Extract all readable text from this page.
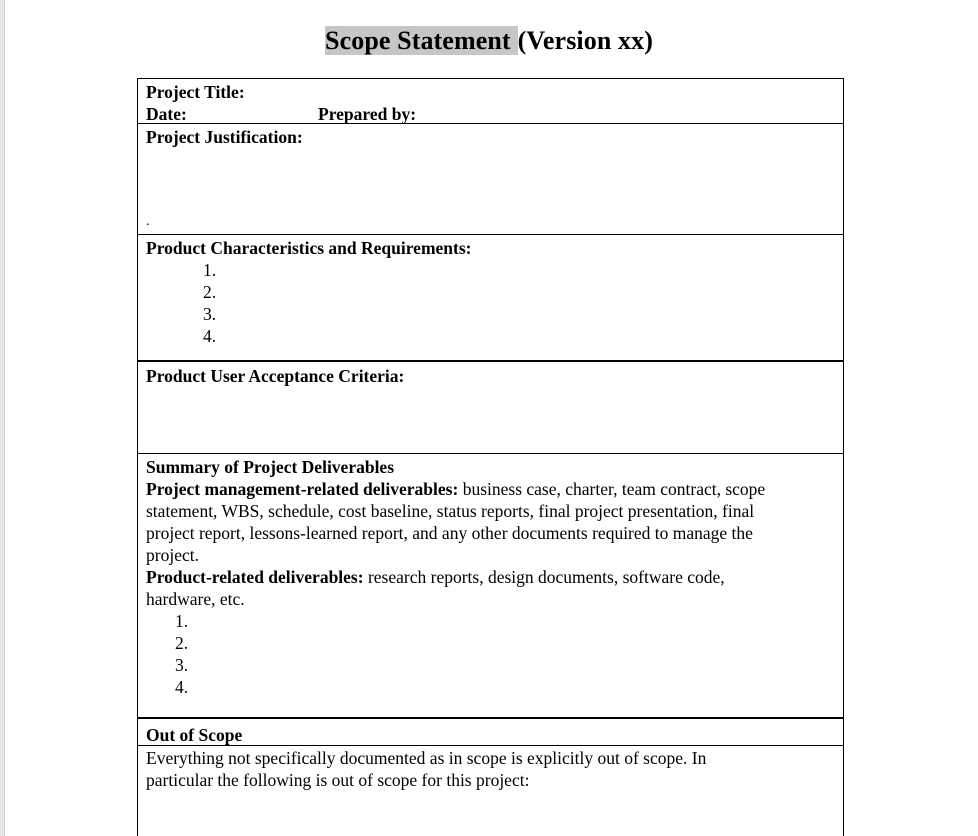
Scope Statement (Version xx)
Project Title:
Date:	Prepared by:
Project Justification:
.
Product Characteristics and Requirements:
1.
2.
3.
4.
Product User Acceptance Criteria:
Summary of Project Deliverables
Project management-related deliverables: business case, charter, team contract, scope
statement, WBS, schedule, cost baseline, status reports, final project presentation, final
project report, lessons-learned report, and any other documents required to manage the
project.
Product-related deliverables: research reports, design documents, software code,
hardware, etc.
1.
2.
3.
4.
Out of Scope
Everything not specifically documented as in scope is explicitly out of scope. In
particular the following is out of scope for this project:
